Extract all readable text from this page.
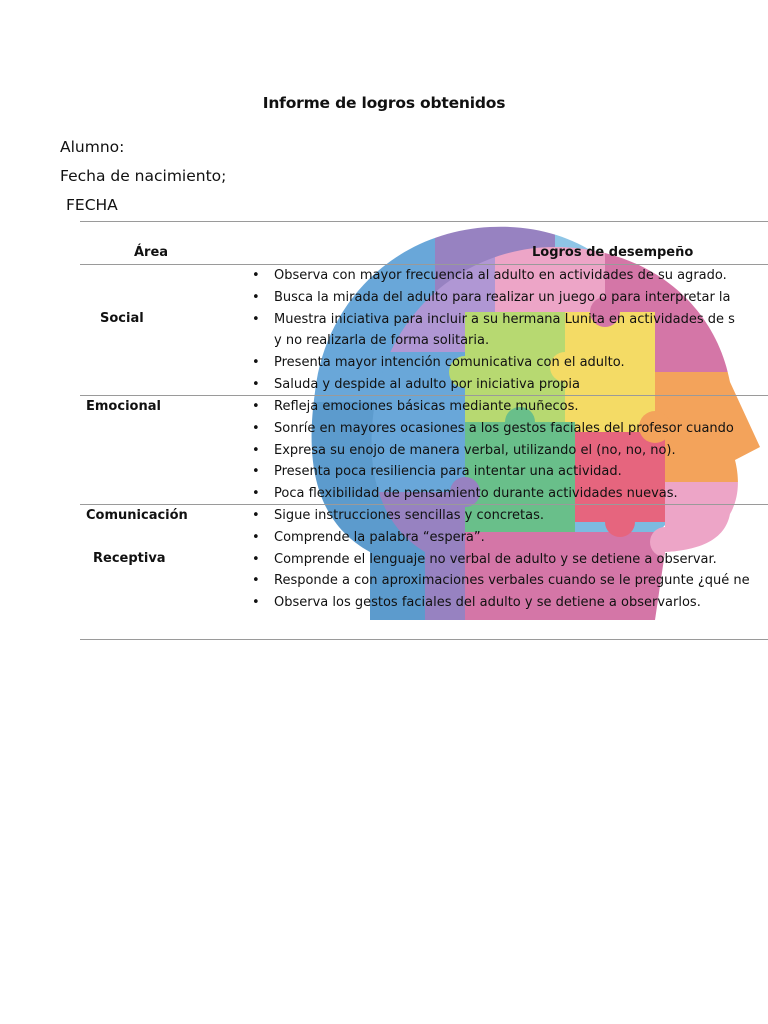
Informe de logros obtenidos
Alumno:
Fecha de nacimiento;
FECHA
Área	Logros de desempeño
Social
Emocional
Comunicación
Receptiva
• Observa con mayor frecuencia al adulto en actividades de su agrado.
• Busca la mirada del adulto para realizar un juego o para interpretar la
• Muestra iniciativa para incluir a su hermana Lunita en actividades de s
y no realizarla de forma solitaria.
• Presenta mayor intención comunicativa con el adulto.
• Saluda y despide al adulto por iniciativa propia
• Refleja emociones básicas mediante muñecos.
• Sonríe en mayores ocasiones a los gestos faciales del profesor cuando
• Expresa su enojo de manera verbal, utilizando el (no, no, no).
• Presenta poca resiliencia para intentar una actividad.
• Poca flexibilidad de pensamiento durante actividades nuevas.
• Sigue instrucciones sencillas y concretas.
• Comprende la palabra “espera”.
• Comprende el lenguaje no verbal de adulto y se detiene a observar.
• Responde a con aproximaciones verbales cuando se le pregunte ¿qué ne
• Observa los gestos faciales del adulto y se detiene a observarlos.
